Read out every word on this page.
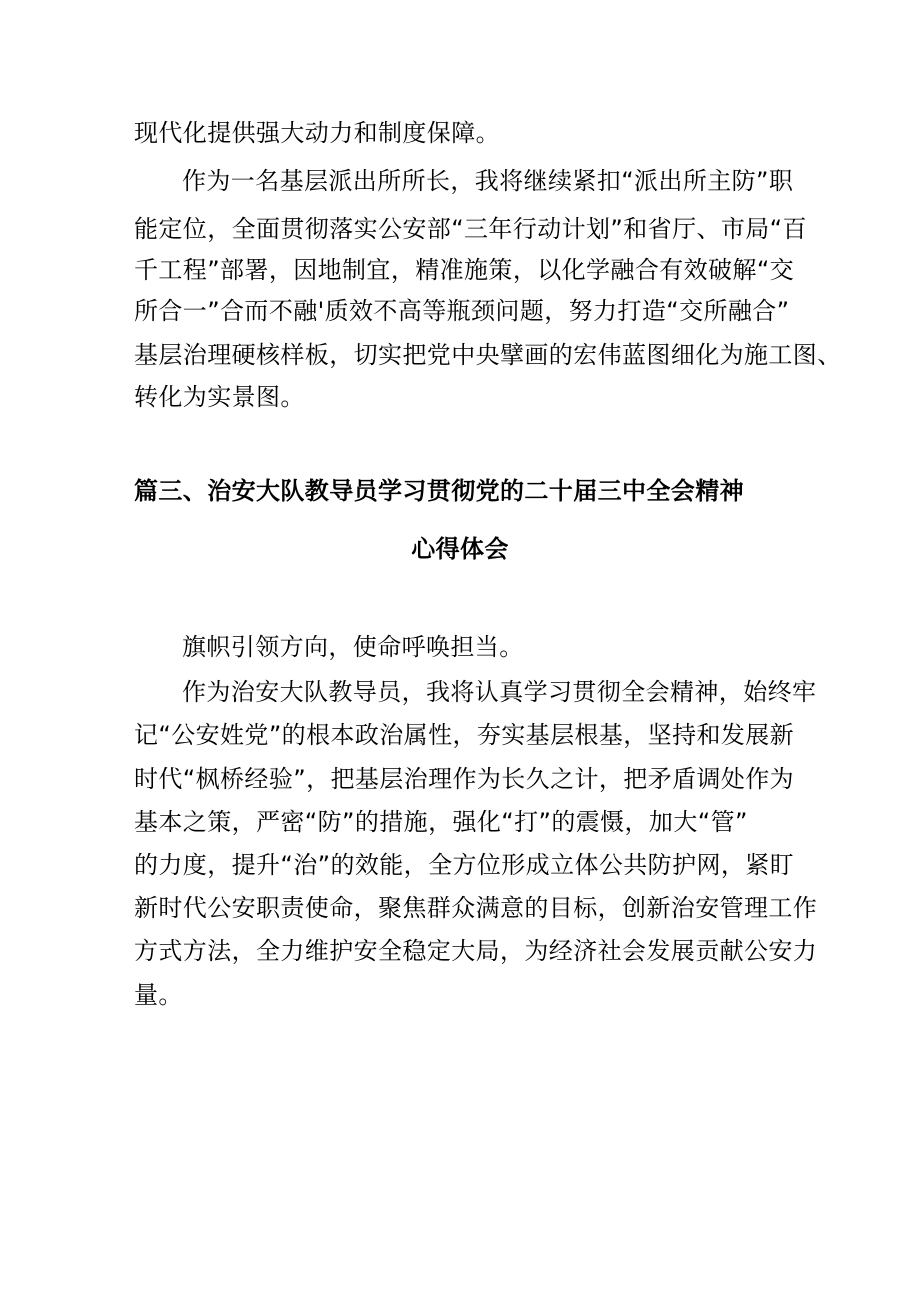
现代化提供强大动力和制度保障。
作为一名基层派出所所长，我将继续紧扣“派出所主防”职
能定位，全面贯彻落实公安部“三年行动计划”和省厅、市局“百
千工程”部署，因地制宜，精准施策，以化学融合有效破解“交
所合一”合而不融'质效不高等瓶颈问题，努力打造“交所融合”
基层治理硬核样板，切实把党中央擘画的宏伟蓝图细化为施工图、
转化为实景图。
篇三、治安大队教导员学习贯彻党的二十届三中全会精神
心得体会
旗帜引领方向，使命呼唤担当。
作为治安大队教导员，我将认真学习贯彻全会精神，始终牢
记“公安姓党”的根本政治属性，夯实基层根基，坚持和发展新
时代“枫桥经验”，把基层治理作为长久之计，把矛盾调处作为
基本之策，严密“防”的措施，强化“打”的震慑，加大“管”
的力度，提升“治”的效能，全方位形成立体公共防护网，紧盯
新时代公安职责使命，聚焦群众满意的目标，创新治安管理工作
方式方法，全力维护安全稳定大局，为经济社会发展贡献公安力
量。
